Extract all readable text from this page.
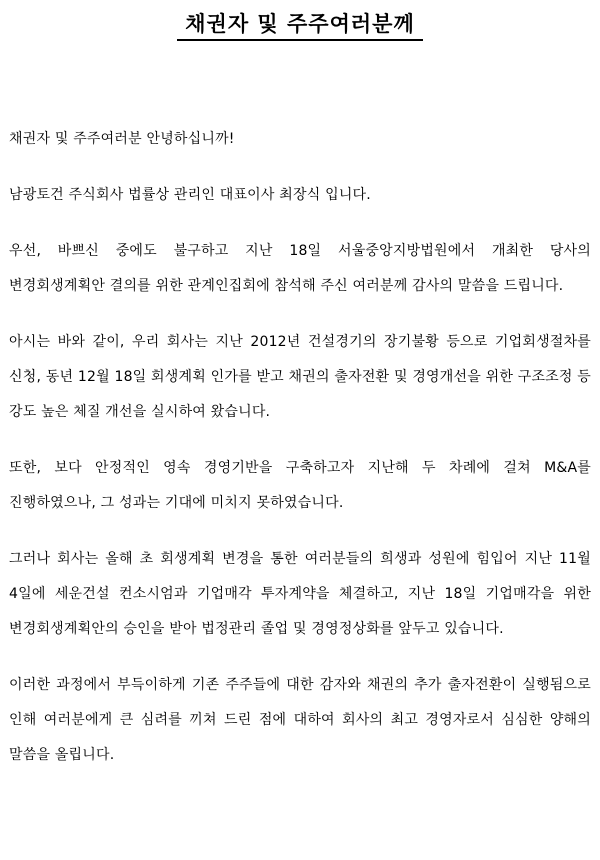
채권자 및 주주여러분께

채권자 및 주주여러분 안녕하십니까!

남광토건 주식회사 법률상 관리인 대표이사 최장식 입니다.

우선, 바쁘신 중에도 불구하고 지난 18일 서울중앙지방법원에서 개최한 당사의 변경회생계획안 결의를 위한 관계인집회에 참석해 주신 여러분께 감사의 말씀을 드립니다.

아시는 바와 같이, 우리 회사는 지난 2012년 건설경기의 장기불황 등으로 기업회생절차를 신청, 동년 12월 18일 회생계획 인가를 받고 채권의 출자전환 및 경영개선을 위한 구조조정 등 강도 높은 체질 개선을 실시하여 왔습니다.

또한, 보다 안정적인 영속 경영기반을 구축하고자 지난해 두 차례에 걸쳐 M&A를 진행하였으나, 그 성과는 기대에 미치지 못하였습니다.

그러나 회사는 올해 초 회생계획 변경을 통한 여러분들의 희생과 성원에 힘입어 지난 11월 4일에 세운건설 컨소시엄과 기업매각 투자계약을 체결하고, 지난 18일 기업매각을 위한 변경회생계획안의 승인을 받아 법정관리 졸업 및 경영정상화를 앞두고 있습니다.

이러한 과정에서 부득이하게 기존 주주들에 대한 감자와 채권의 추가 출자전환이 실행됨으로 인해 여러분에게 큰 심려를 끼쳐 드린 점에 대하여 회사의 최고 경영자로서 심심한 양해의 말씀을 올립니다.
